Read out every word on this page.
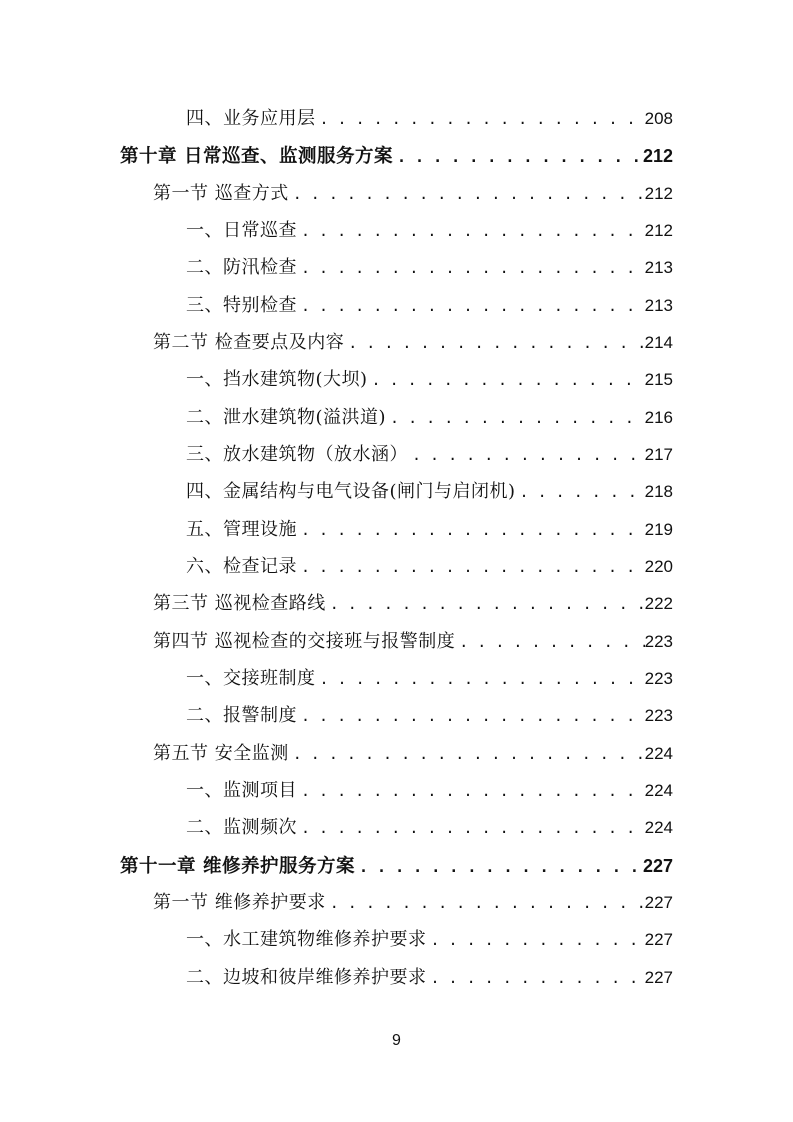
四、业务应用层 . . .	208
第十章 日常巡查、监测服务方案 . . .	212
第一节 巡查方式 . . .	212
一、日常巡查 . . .	212
二、防汛检查 . . .	213
三、特别检查 . . .	213
第二节 检查要点及内容 . . .	214
一、挡水建筑物(大坝) . . .	215
二、泄水建筑物(溢洪道) . . .	216
三、放水建筑物（放水涵） . . .	217
四、金属结构与电气设备(闸门与启闭机) . . .	218
五、管理设施 . . .	219
六、检查记录 . . .	220
第三节 巡视检查路线 . . .	222
第四节 巡视检查的交接班与报警制度 . . .	223
一、交接班制度 . . .	223
二、报警制度 . . .	223
第五节 安全监测 . . .	224
一、监测项目 . . .	224
二、监测频次 . . .	224
第十一章 维修养护服务方案 . . .	227
第一节 维修养护要求 . . .	227
一、水工建筑物维修养护要求 . . .	227
二、边坡和彼岸维修养护要求 . . .	227
9
